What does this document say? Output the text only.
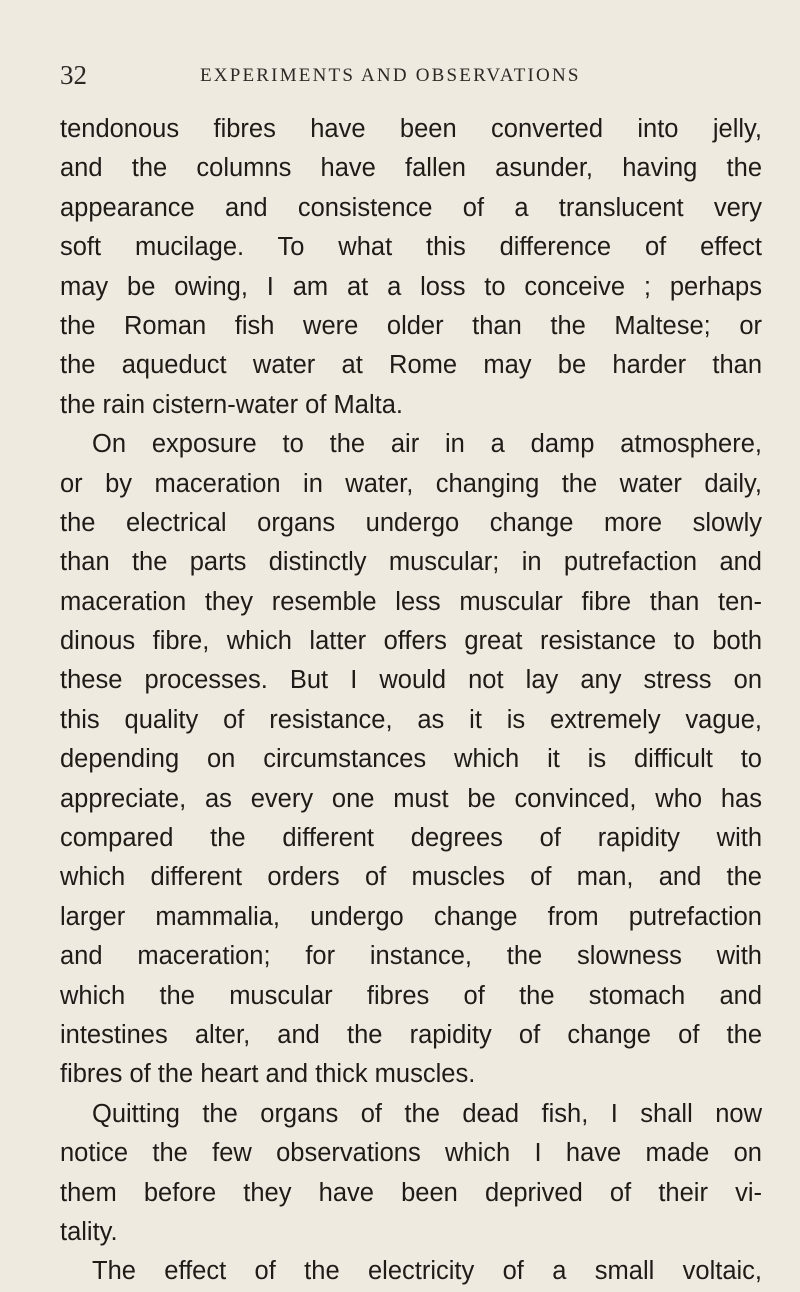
32	EXPERIMENTS AND OBSERVATIONS
tendonous fibres have been converted into jelly,
and the columns have fallen asunder, having the
appearance and consistence of a translucent very
soft mucilage. To what this difference of effect
may be owing, I am at a loss to conceive ; perhaps
the Roman fish were older than the Maltese; or
the aqueduct water at Rome may be harder than
the rain cistern-water of Malta.
On exposure to the air in a damp atmosphere,
or by maceration in water, changing the water daily,
the electrical organs undergo change more slowly
than the parts distinctly muscular; in putrefaction and
maceration they resemble less muscular fibre than ten-
dinous fibre, which latter offers great resistance to both
these processes. But I would not lay any stress on
this quality of resistance, as it is extremely vague,
depending on circumstances which it is difficult to
appreciate, as every one must be convinced, who has
compared the different degrees of rapidity with
which different orders of muscles of man, and the
larger mammalia, undergo change from putrefaction
and maceration; for instance, the slowness with
which the muscular fibres of the stomach and
intestines alter, and the rapidity of change of the
fibres of the heart and thick muscles.
Quitting the organs of the dead fish, I shall now
notice the few observations which I have made on
them before they have been deprived of their vi-
tality.
The effect of the electricity of a small voltaic,
